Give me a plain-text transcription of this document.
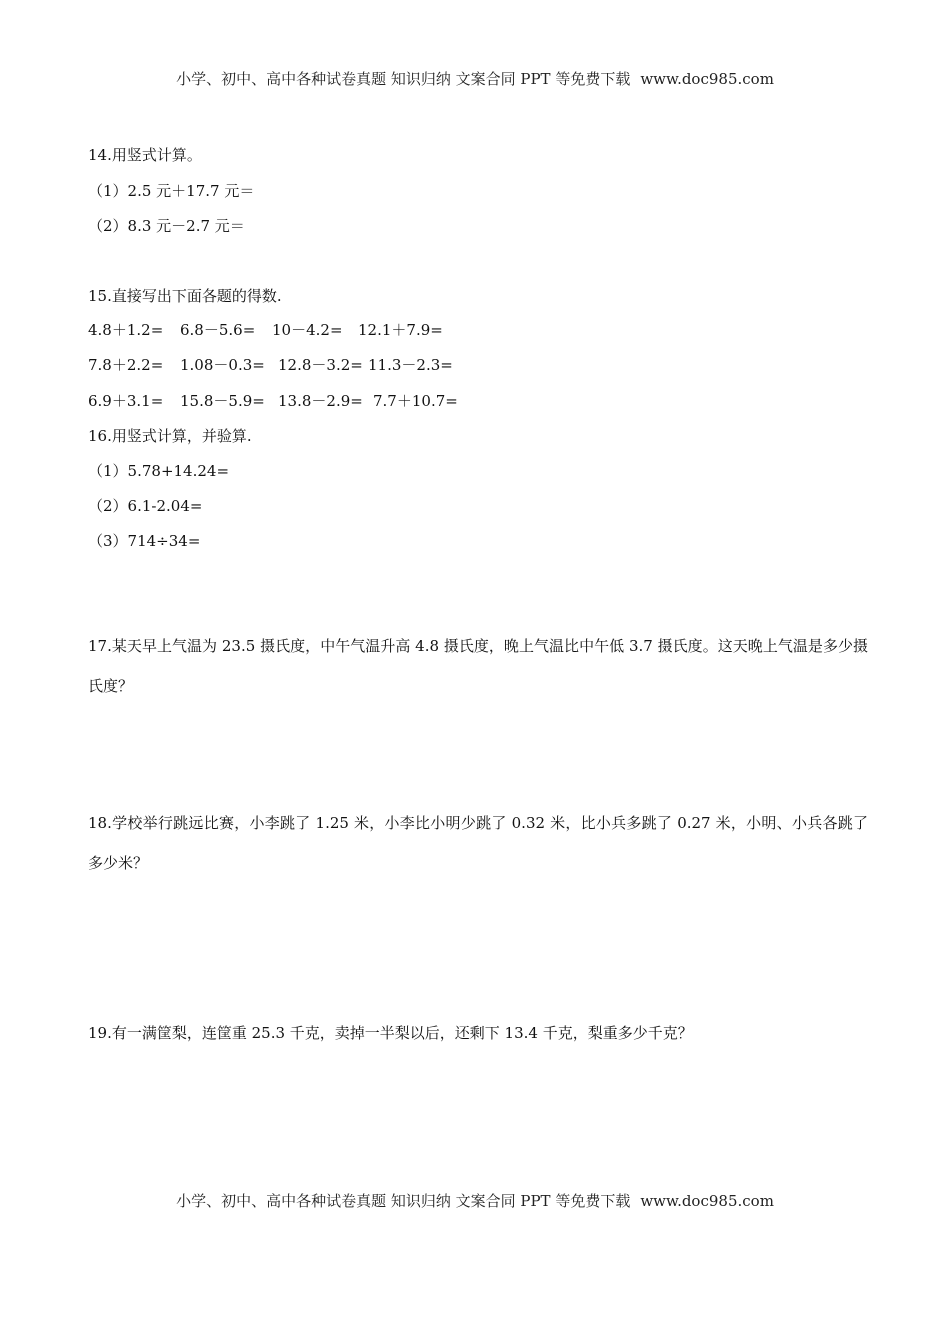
小学、初中、高中各种试卷真题 知识归纳 文案合同 PPT 等免费下载 www.doc985.com
14.用竖式计算。
（1）2.5 元＋17.7 元＝
（2）8.3 元－2.7 元＝
15.直接写出下面各题的得数.
4.8＋1.2= 6.8－5.6= 10－4.2= 12.1＋7.9=
7.8＋2.2= 1.08－0.3= 12.8－3.2= 11.3－2.3=
6.9＋3.1= 15.8－5.9= 13.8－2.9= 7.7＋10.7=
16.用竖式计算，并验算.
（1）5.78+14.24=
（2）6.1-2.04=
（3）714÷34=
17.某天早上气温为 23.5 摄氏度，中午气温升高 4.8 摄氏度，晚上气温比中午低 3.7 摄氏度。这天晚上气温是多少摄氏度？
18.学校举行跳远比赛，小李跳了 1.25 米，小李比小明少跳了 0.32 米，比小兵多跳了 0.27 米，小明、小兵各跳了多少米？
19.有一满筐梨，连筐重 25.3 千克，卖掉一半梨以后，还剩下 13.4 千克，梨重多少千克？
小学、初中、高中各种试卷真题 知识归纳 文案合同 PPT 等免费下载 www.doc985.com
